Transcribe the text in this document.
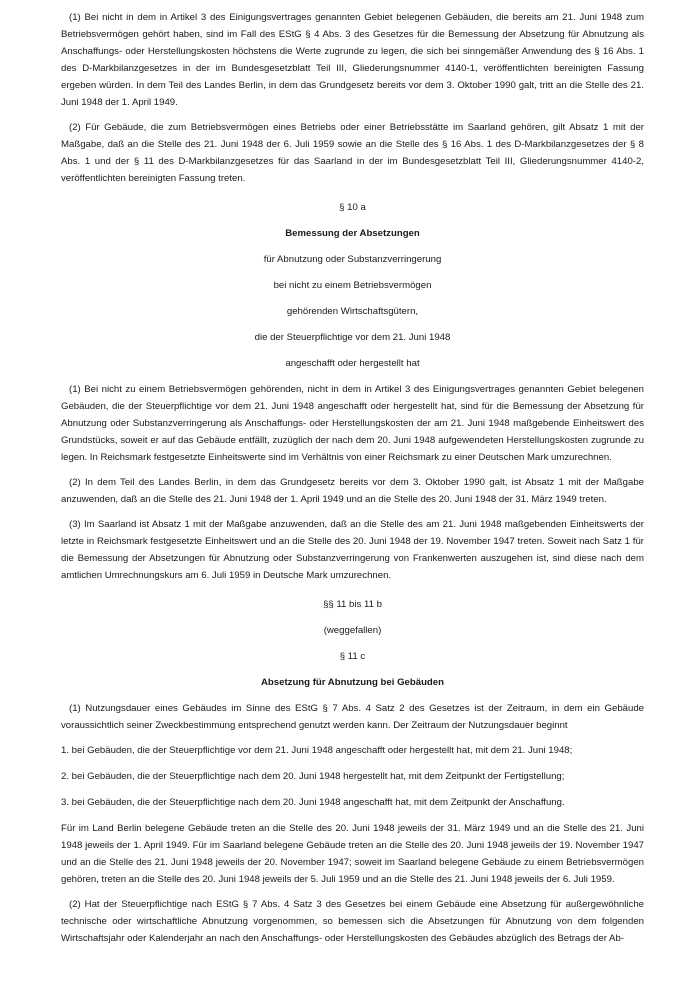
(1) Bei nicht in dem in Artikel 3 des Einigungsvertrages genannten Gebiet belegenen Gebäuden, die bereits am 21. Juni 1948 zum Betriebsvermögen gehört haben, sind im Fall des EStG § 4 Abs. 3 des Gesetzes für die Bemessung der Absetzung für Abnutzung als Anschaffungs- oder Herstellungskosten höchstens die Werte zugrunde zu legen, die sich bei sinngemäßer Anwendung des § 16 Abs. 1 des D-Markbilanzgesetzes in der im Bundesgesetzblatt Teil III, Gliederungsnummer 4140-1, veröffentlichten bereinigten Fassung ergeben würden. In dem Teil des Landes Berlin, in dem das Grundgesetz bereits vor dem 3. Oktober 1990 galt, tritt an die Stelle des 21. Juni 1948 der 1. April 1949.

(2) Für Gebäude, die zum Betriebsvermögen eines Betriebs oder einer Betriebsstätte im Saarland gehören, gilt Absatz 1 mit der Maßgabe, daß an die Stelle des 21. Juni 1948 der 6. Juli 1959 sowie an die Stelle des § 16 Abs. 1 des D-Markbilanzgesetzes der § 8 Abs. 1 und der § 11 des D-Markbilanzgesetzes für das Saarland in der im Bundesgesetzblatt Teil III, Gliederungsnummer 4140-2, veröffentlichten bereinigten Fassung treten.

§ 10 a

Bemessung der Absetzungen

für Abnutzung oder Substanzverringerung

bei nicht zu einem Betriebsvermögen

gehörenden Wirtschaftsgütern,

die der Steuerpflichtige vor dem 21. Juni 1948

angeschafft oder hergestellt hat

(1) Bei nicht zu einem Betriebsvermögen gehörenden, nicht in dem in Artikel 3 des Einigungsvertrages genannten Gebiet belegenen Gebäuden, die der Steuerpflichtige vor dem 21. Juni 1948 angeschafft oder hergestellt hat, sind für die Bemessung der Absetzung für Abnutzung oder Substanzverringerung als Anschaffungs- oder Herstellungskosten der am 21. Juni 1948 maßgebende Einheitswert des Grundstücks, soweit er auf das Gebäude entfällt, zuzüglich der nach dem 20. Juni 1948 aufgewendeten Herstellungskosten zugrunde zu legen. In Reichsmark festgesetzte Einheitswerte sind im Verhältnis von einer Reichsmark zu einer Deutschen Mark umzurechnen.

(2) In dem Teil des Landes Berlin, in dem das Grundgesetz bereits vor dem 3. Oktober 1990 galt, ist Absatz 1 mit der Maßgabe anzuwenden, daß an die Stelle des 21. Juni 1948 der 1. April 1949 und an die Stelle des 20. Juni 1948 der 31. März 1949 treten.

(3) Im Saarland ist Absatz 1 mit der Maßgabe anzuwenden, daß an die Stelle des am 21. Juni 1948 maßgebenden Einheitswerts der letzte in Reichsmark festgesetzte Einheitswert und an die Stelle des 20. Juni 1948 der 19. November 1947 treten. Soweit nach Satz 1 für die Bemessung der Absetzungen für Abnutzung oder Substanzverringerung von Frankenwerten auszugehen ist, sind diese nach dem amtlichen Umrechnungskurs am 6. Juli 1959 in Deutsche Mark umzurechnen.

§§ 11 bis 11 b

(weggefallen)

§ 11 c

Absetzung für Abnutzung bei Gebäuden

(1) Nutzungsdauer eines Gebäudes im Sinne des EStG § 7 Abs. 4 Satz 2 des Gesetzes ist der Zeitraum, in dem ein Gebäude voraussichtlich seiner Zweckbestimmung entsprechend genutzt werden kann. Der Zeitraum der Nutzungsdauer beginnt

1. bei Gebäuden, die der Steuerpflichtige vor dem 21. Juni 1948 angeschafft oder hergestellt hat, mit dem 21. Juni 1948;

2. bei Gebäuden, die der Steuerpflichtige nach dem 20. Juni 1948 hergestellt hat, mit dem Zeitpunkt der Fertigstellung;

3. bei Gebäuden, die der Steuerpflichtige nach dem 20. Juni 1948 angeschafft hat, mit dem Zeitpunkt der Anschaffung.

Für im Land Berlin belegene Gebäude treten an die Stelle des 20. Juni 1948 jeweils der 31. März 1949 und an die Stelle des 21. Juni 1948 jeweils der 1. April 1949. Für im Saarland belegene Gebäude treten an die Stelle des 20. Juni 1948 jeweils der 19. November 1947 und an die Stelle des 21. Juni 1948 jeweils der 20. November 1947; soweit im Saarland belegene Gebäude zu einem Betriebsvermögen gehören, treten an die Stelle des 20. Juni 1948 jeweils der 5. Juli 1959 und an die Stelle des 21. Juni 1948 jeweils der 6. Juli 1959.

(2) Hat der Steuerpflichtige nach EStG § 7 Abs. 4 Satz 3 des Gesetzes bei einem Gebäude eine Absetzung für außergewöhnliche technische oder wirtschaftliche Abnutzung vorgenommen, so bemessen sich die Absetzungen für Abnutzung von dem folgenden Wirtschaftsjahr oder Kalenderjahr an nach den Anschaffungs- oder Herstellungskosten des Gebäudes abzüglich des Betrags der Ab-
